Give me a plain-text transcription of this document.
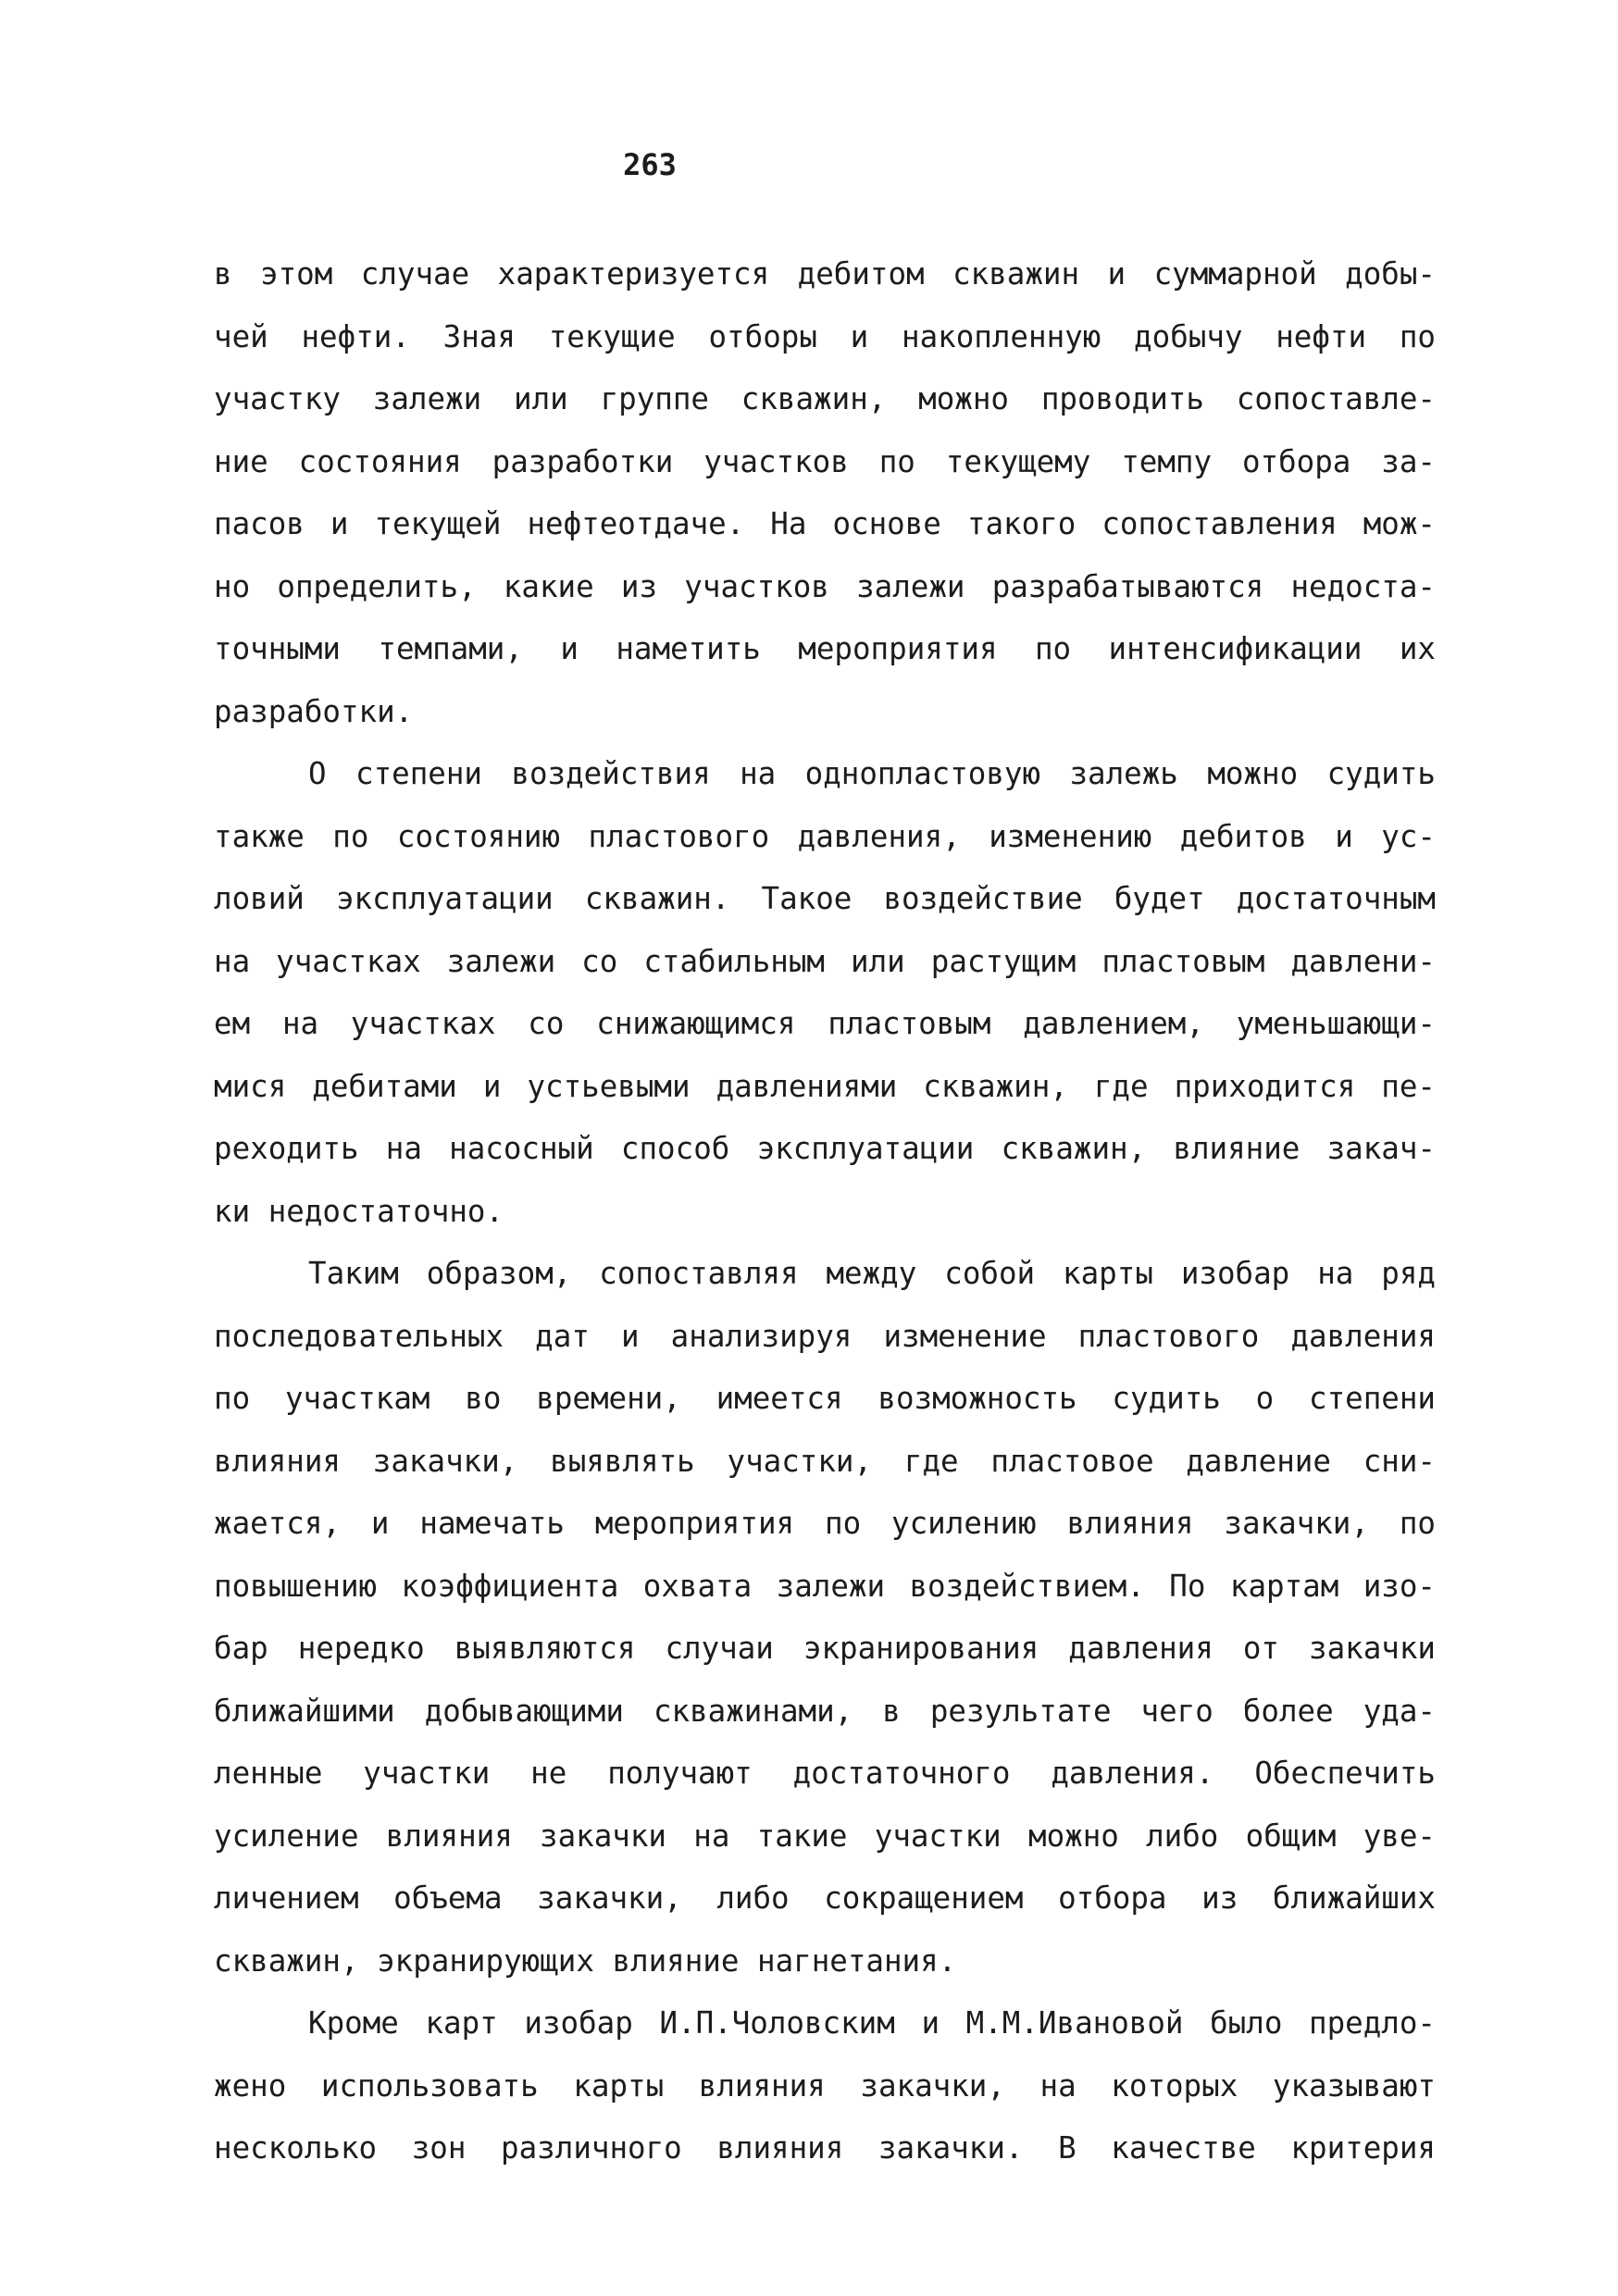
263
в этом случае характеризуется дебитом скважин и суммарной добы-
чей нефти. Зная текущие отборы и накопленную добычу нефти по
участку залежи или группе скважин, можно проводить сопоставле-
ние состояния разработки участков по текущему темпу отбора за-
пасов и текущей нефтеотдаче. На основе такого сопоставления мож-
но определить, какие из участков залежи разрабатываются недоста-
точными темпами, и наметить мероприятия по интенсификации их
разработки.
О степени воздействия на однопластовую залежь можно судить
также по состоянию пластового давления, изменению дебитов и ус-
ловий эксплуатации скважин. Такое воздействие будет достаточным
на участках залежи со стабильным или растущим пластовым давлени-
ем на участках со снижающимся пластовым давлением, уменьшающи-
мися дебитами и устьевыми давлениями скважин, где приходится пе-
реходить на насосный способ эксплуатации скважин, влияние закач-
ки недостаточно.
Таким образом, сопоставляя между собой карты изобар на ряд
последовательных дат и анализируя изменение пластового давления
по участкам во времени, имеется возможность судить о степени
влияния закачки, выявлять участки, где пластовое давление сни-
жается, и намечать мероприятия по усилению влияния закачки, по
повышению коэффициента охвата залежи воздействием. По картам изо-
бар нередко выявляются случаи экранирования давления от закачки
ближайшими добывающими скважинами, в результате чего более уда-
ленные участки не получают достаточного давления. Обеспечить
усиление влияния закачки на такие участки можно либо общим уве-
личением объема закачки, либо сокращением отбора из ближайших
скважин, экранирующих влияние нагнетания.
Кроме карт изобар И.П.Чоловским и М.М.Ивановой было предло-
жено использовать карты влияния закачки, на которых указывают
несколько зон различного влияния закачки. В качестве критерия
